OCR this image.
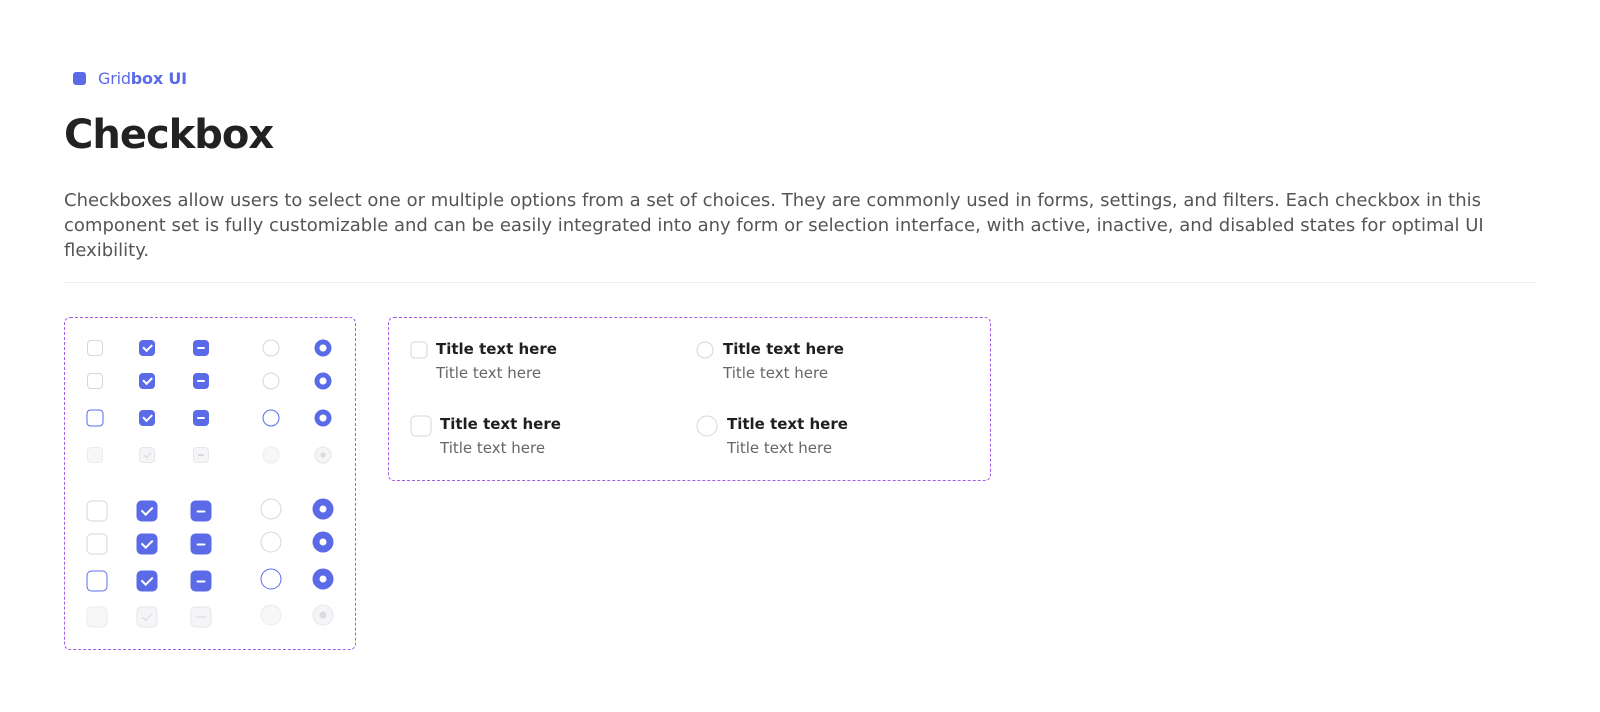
Gridbox UI
Checkbox

Checkboxes allow users to select one or multiple options from a set of choices. They are commonly used in forms, settings, and filters. Each checkbox in this component set is fully customizable and can be easily integrated into any form or selection interface, with active, inactive, and disabled states for optimal UI flexibility.

Title text here
Title text here
Title text here
Title text here
Title text here
Title text here
Title text here
Title text here
